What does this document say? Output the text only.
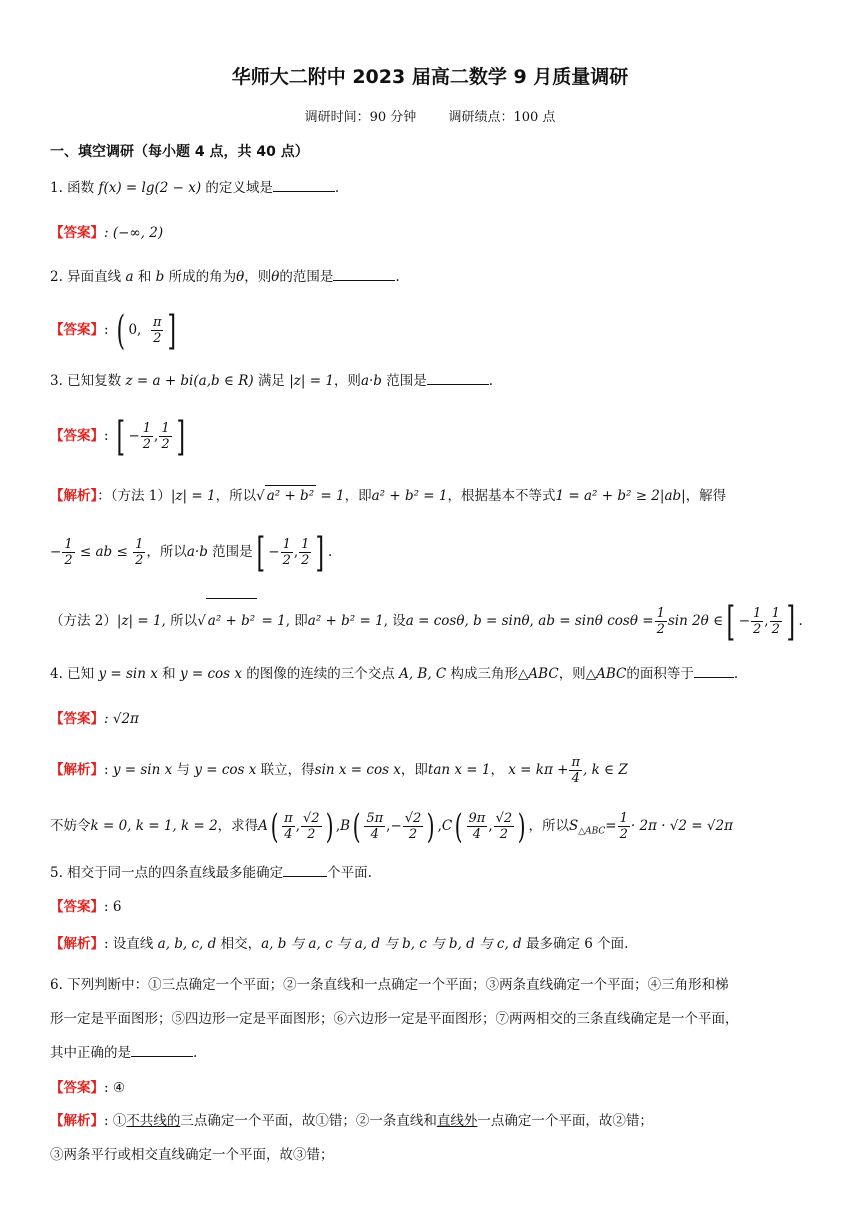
华师大二附中 2023 届高二数学 9 月质量调研
调研时间：90 分钟 调研绩点：100 点
一、填空调研（每小题 4 点，共 40 点）
1. 函数 f(x) = lg(2 − x) 的定义域是	.
【答案】: (−∞, 2)
2. 异面直线 a 和 b 所成的角为θ，则θ的范围是	.
【答案】: ( 0, $\frac{\pi}{2}$ ]
3. 已知复数 z = a + bi(a,b ∈ R) 满足 |z| = 1，则a·b 范围是	.
【答案】: [ − $\frac{1}{2}$ , $\frac{1}{2}$ ]
【解析】：（方法 1）|z| = 1，所以√ a² + b² = 1，即a² + b² = 1，根据基本不等式1 = a² + b² ≥ 2|ab|，解得
− $\frac{1}{2}$ ≤ ab ≤ $\frac{1}{2}$ ，所以a·b 范围是[ − $\frac{1}{2}$ , $\frac{1}{2}$ ] .
（方法 2）|z| = 1, 所以√ a² + b² = 1, 即a² + b² = 1, 设a = cosθ, b = sinθ, ab = sinθ $\cos\theta = \frac{1}{2}$ sin 2θ ∈[ − $\frac{1}{2}$ , $\frac{1}{2}$ ] .
4. 已知 y = sin x 和 y = cos x 的图像的连续的三个交点 A, B, C 构成三角形△ABC，则△ABC的面积等于	.
【答案】: √2π
【解析】: y = sin x 与 y = cos x 联立，得sin x = cos x，即tan x = 1， $x = k\pi + \frac{\pi}{4}$ , k ∈ Z
不妨令k = 0, k = 1, k = 2，求得$A( \frac{\pi}{4}$ , $\frac{√2}{2}$ ) $,B( \frac{5\pi}{4}$ ,− $\frac{√2}{2}$ ) $,C( \frac{9\pi}{4}$ , $\frac{√2}{2}$ ) ，所以$S_{\triangle ABC}= \frac{1}{2} \cdot 2\pi \cdot √2 = √2\pi$
5. 相交于同一点的四条直线最多能确定	个平面.
【答案】: 6
【解析】: 设直线 a, b, c, d 相交，a, b 与 a, c 与 a, d 与 b, c 与 b, d 与 c, d 最多确定 6 个面.
6. 下列判断中：①三点确定一个平面；②一条直线和一点确定一个平面；③两条直线确定一个平面；④三角形和梯
形一定是平面图形；⑤四边形一定是平面图形；⑥六边形一定是平面图形；⑦两两相交的三条直线确定是一个平面，
其中正确的是	.
【答案】: ④
【解析】: ①不共线的三点确定一个平面，故①错；②一条直线和直线外一点确定一个平面，故②错；
③两条平行或相交直线确定一个平面，故③错；
